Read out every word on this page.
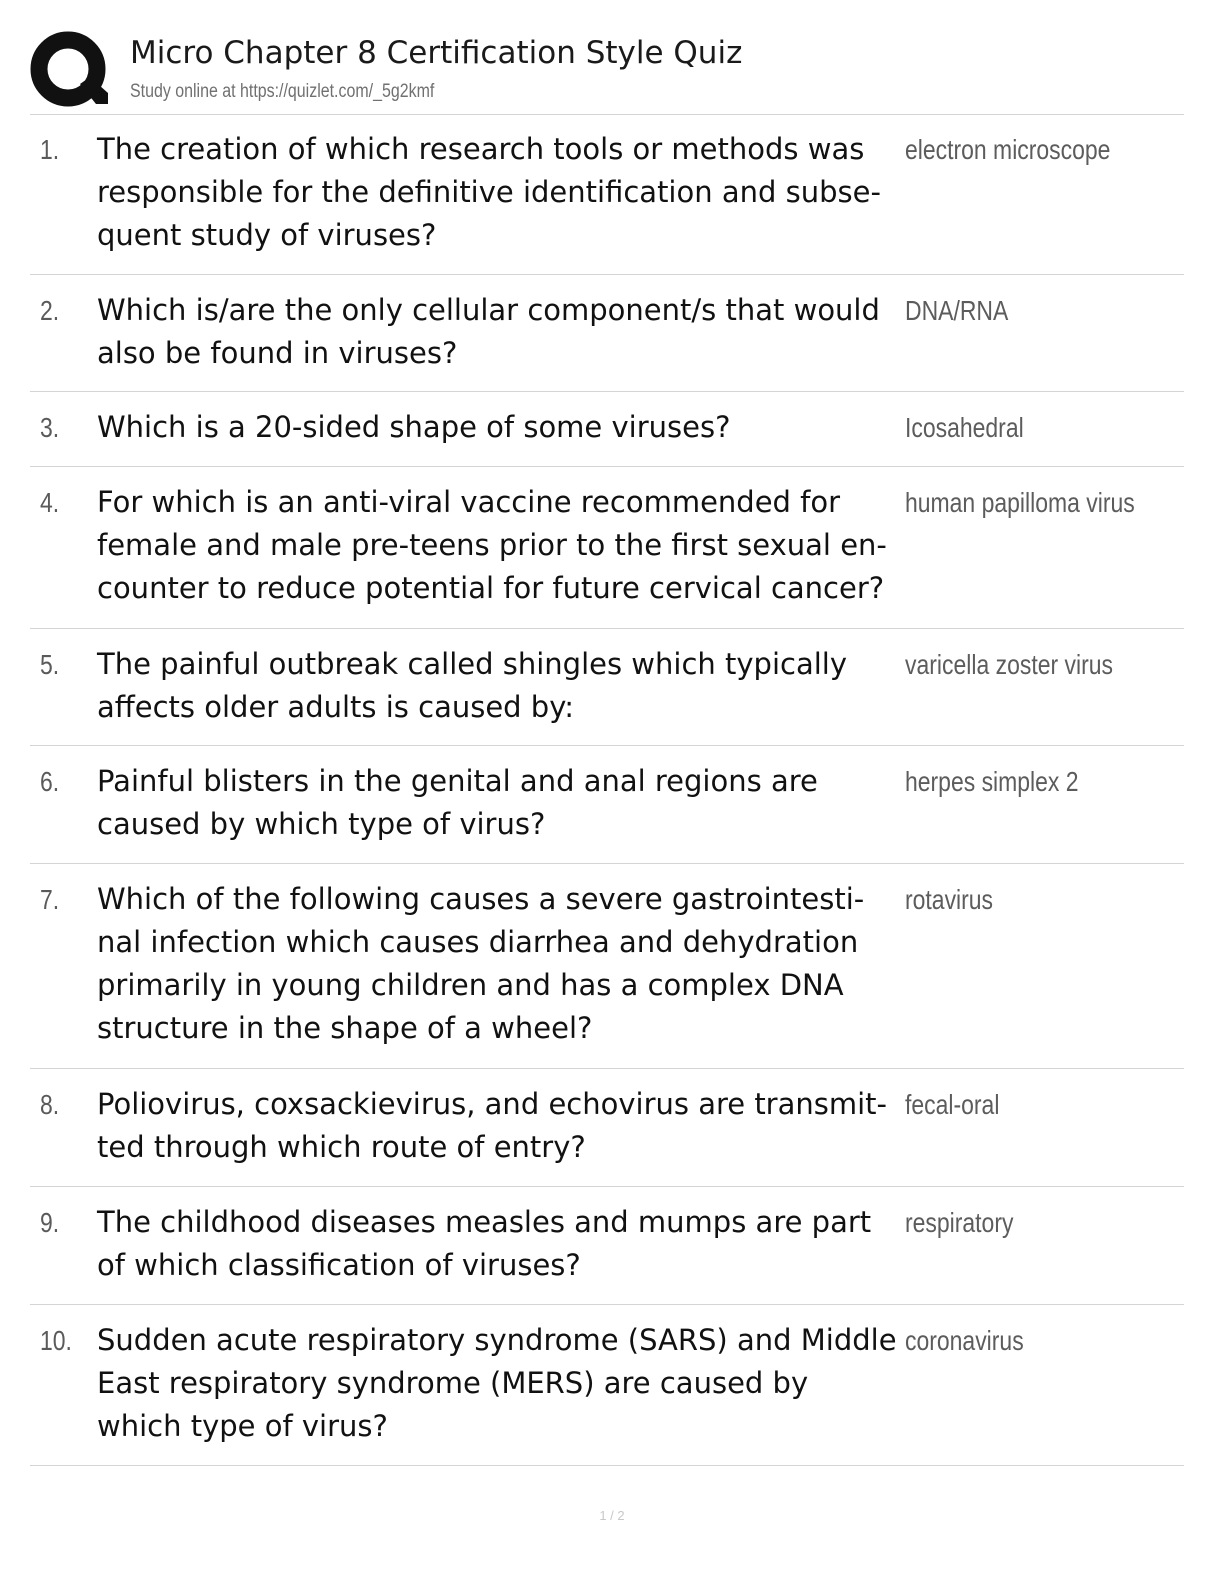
Micro Chapter 8 Certification Style Quiz
Study online at https://quizlet.com/_5g2kmf
1. The creation of which research tools or methods was responsible for the definitive identification and subse-quent study of viruses?
electron microscope
2. Which is/are the only cellular component/s that would also be found in viruses?
DNA/RNA
3. Which is a 20-sided shape of some viruses?	Icosahedral
4. For which is an anti-viral vaccine recommended for female and male pre-teens prior to the first sexual en-counter to reduce potential for future cervical cancer?
human papilloma virus
5. The painful outbreak called shingles which typically affects older adults is caused by:
varicella zoster virus
6. Painful blisters in the genital and anal regions are caused by which type of virus?
herpes simplex 2
7. Which of the following causes a severe gastrointesti-nal infection which causes diarrhea and dehydration primarily in young children and has a complex DNA structure in the shape of a wheel?
rotavirus
8. Poliovirus, coxsackievirus, and echovirus are transmit-ted through which route of entry?
fecal-oral
9. The childhood diseases measles and mumps are part of which classification of viruses?
respiratory
10. Sudden acute respiratory syndrome (SARS) and Middle East respiratory syndrome (MERS) are caused by which type of virus?
coronavirus
1 / 2
